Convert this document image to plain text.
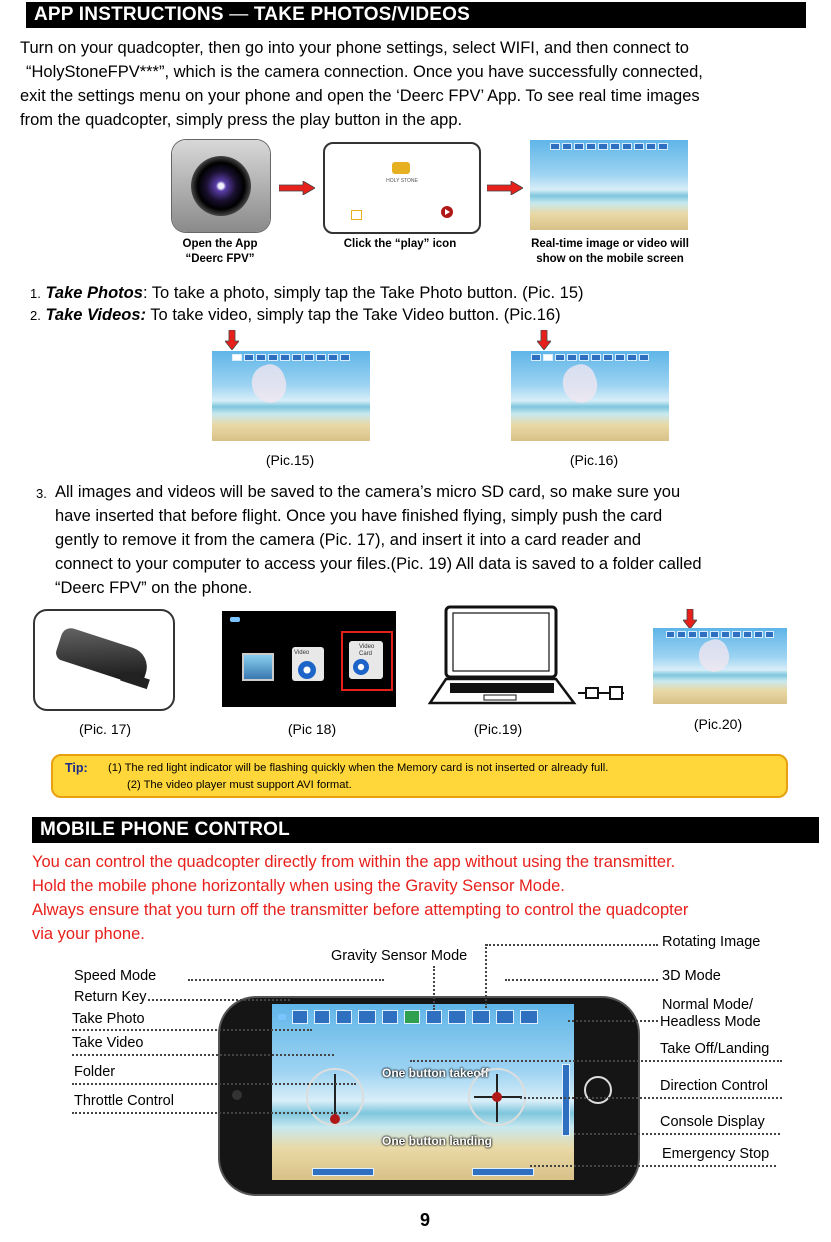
APP INSTRUCTIONS — TAKE PHOTOS/VIDEOS
Turn on your quadcopter, then go into your phone settings, select WIFI, and then connect to
“HolyStoneFPV***”, which is the camera connection. Once you have successfully connected,
exit the settings menu on your phone and open the ‘Deerc FPV’ App. To see real time images
from the quadcopter, simply press the play button in the app.
HOLY STONE
Open the App
“Deerc FPV”
Click the “play” icon	Real-time image or video will
show on the mobile screen
1. Take Photos: To take a photo, simply tap the Take Photo button. (Pic. 15)
2. Take Videos: To take video, simply tap the Take Video button. (Pic.16)
(Pic.15)	(Pic.16)
3. All images and videos will be saved to the camera’s micro SD card, so make sure you
have inserted that before flight. Once you have finished flying, simply push the card
gently to remove it from the camera (Pic. 17), and insert it into a card reader and
connect to your computer to access your files.(Pic. 19) All data is saved to a folder called
“Deerc FPV” on the phone.
Video
Video Card
(Pic. 17)	(Pic 18)	(Pic.19)	(Pic.20)
Tip: (1) The red light indicator will be flashing quickly when the Memory card is not inserted or already full.
(2) The video player must support AVI format.
MOBILE PHONE CONTROL
You can control the quadcopter directly from within the app without using the transmitter.
Hold the mobile phone horizontally when using the Gravity Sensor Mode.
Always ensure that you turn off the transmitter before attempting to control the quadcopter
via your phone.
One button takeoff
One button landing
Speed Mode
Return Key
Take Photo
Take Video
Folder
Throttle Control
Gravity Sensor Mode
Rotating Image
3D Mode
Normal Mode/
Headless Mode
Take Off/Landing
Direction Control
Console Display
Emergency Stop
9
